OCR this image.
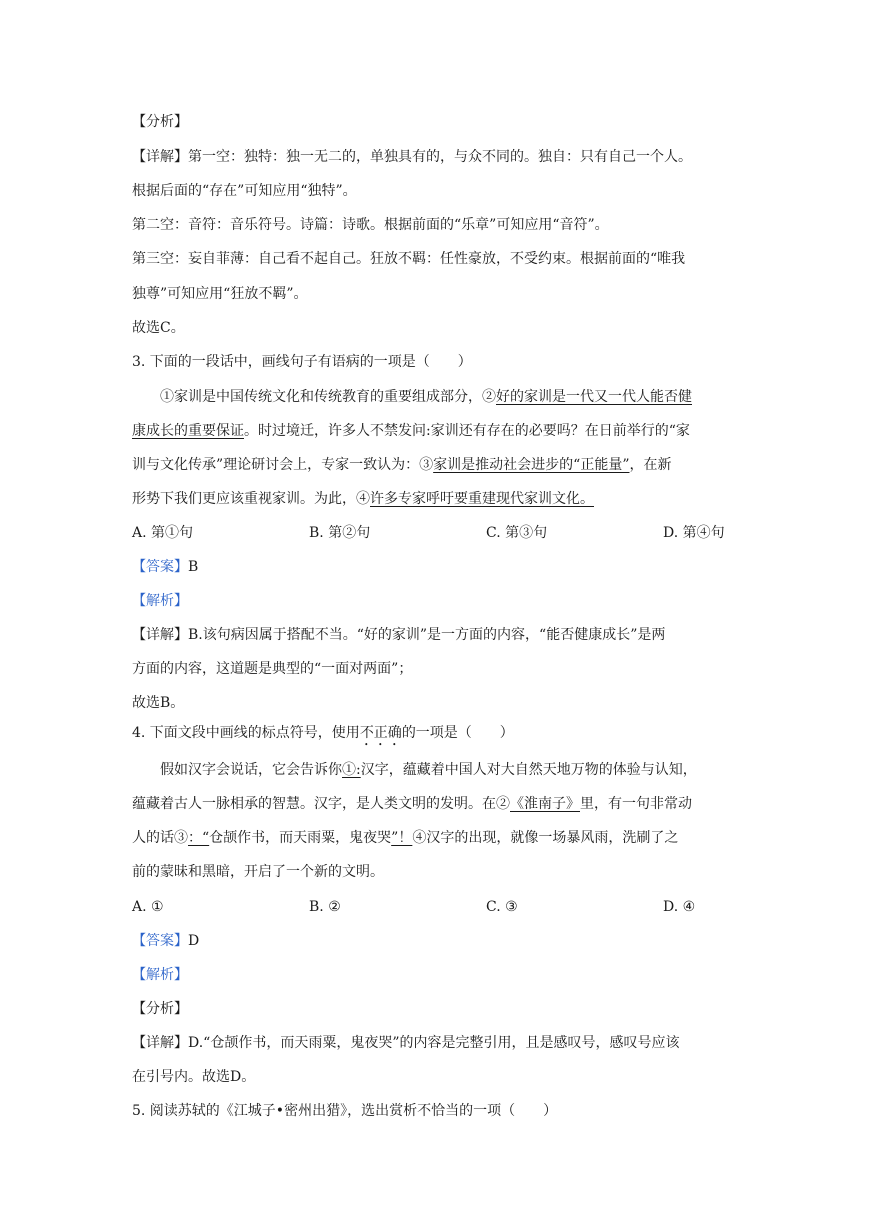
【分析】
【详解】第一空：独特：独一无二的，单独具有的，与众不同的。独自：只有自己一个人。
根据后面的“存在”可知应用“独特”。
第二空：音符：音乐符号。诗篇：诗歌。根据前面的“乐章”可知应用“音符”。
第三空：妄自菲薄：自己看不起自己。狂放不羁：任性豪放，不受约束。根据前面的“唯我
独尊”可知应用“狂放不羁”。
故选C。
3. 下面的一段话中，画线句子有语病的一项是（　　）
①家训是中国传统文化和传统教育的重要组成部分，②好的家训是一代又一代人能否健
康成长的重要保证。时过境迁，许多人不禁发问:家训还有存在的必要吗？在日前举行的“家
训与文化传承”理论研讨会上，专家一致认为：③家训是推动社会进步的“正能量”，在新
形势下我们更应该重视家训。为此，④许多专家呼吁要重建现代家训文化。
A. 第①句	B. 第②句	C. 第③句	D. 第④句
【答案】B
【解析】
【详解】B.该句病因属于搭配不当。“好的家训”是一方面的内容，“能否健康成长”是两
方面的内容，这道题是典型的“一面对两面”；
故选B。
4. 下面文段中画线的标点符号，使用不正确的一项是（　　）
假如汉字会说话，它会告诉你①:汉字，蕴藏着中国人对大自然天地万物的体验与认知，
蕴藏着古人一脉相承的智慧。汉字，是人类文明的发明。在②《淮南子》里，有一句非常动
人的话③：“仓颉作书，而天雨粟，鬼夜哭”！④汉字的出现，就像一场暴风雨，洗刷了之
前的蒙昧和黑暗，开启了一个新的文明。
A. ①	B. ②	C. ③	D. ④
【答案】D
【解析】
【分析】
【详解】D.“仓颉作书，而天雨粟，鬼夜哭”的内容是完整引用，且是感叹号，感叹号应该
在引号内。故选D。
5. 阅读苏轼的《江城子•密州出猎》，选出赏析不恰当的一项（　　）
